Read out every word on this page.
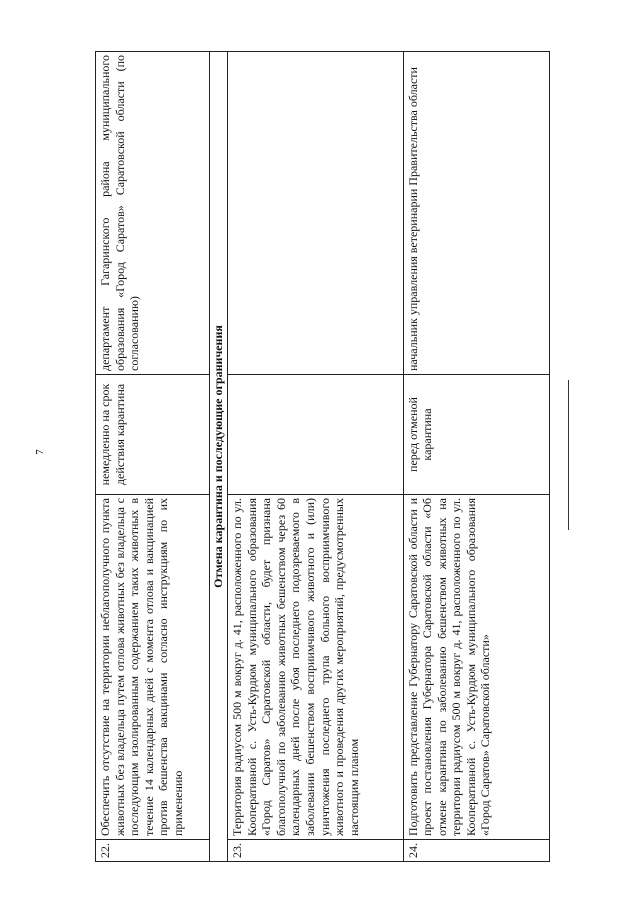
7
22.	Обеспечить отсутствие на территории неблагополучного пункта животных без владельца путем отлова животных без владельца с последующим изолированным содержанием таких животных в течение 14 календарных дней с момента отлова и вакцинацией против бешенства вакцинами согласно инструкциям по их применению	немедленно на срок действия карантина	департамент Гагаринского района муниципального образования «Город Саратов» Саратовской области (по согласованию)
Отмена карантина и последующие ограничения			
23.	Территория радиусом 500 м вокруг д. 41, расположенного по ул. Кооперативной с. Усть-Курдюм муниципального образования «Город Саратов» Саратовской области, будет признана благополучной по заболеванию животных бешенством через 60 календарных дней после убоя последнего подозреваемого в заболевании бешенством восприимчивого животного и (или) уничтожения последнего трупа больного восприимчивого животного и проведения других мероприятий, предусмотренных настоящим планом		
24.	Подготовить представление Губернатору Саратовской области и проект постановления Губернатора Саратовской области «Об отмене карантина по заболеванию бешенством животных на территории радиусом 500 м вокруг д. 41, расположенного по ул. Кооперативной с. Усть-Курдюм муниципального образования «Город Саратов» Саратовской области»	перед отменой карантина	начальник управления ветеринарии Правительства области
